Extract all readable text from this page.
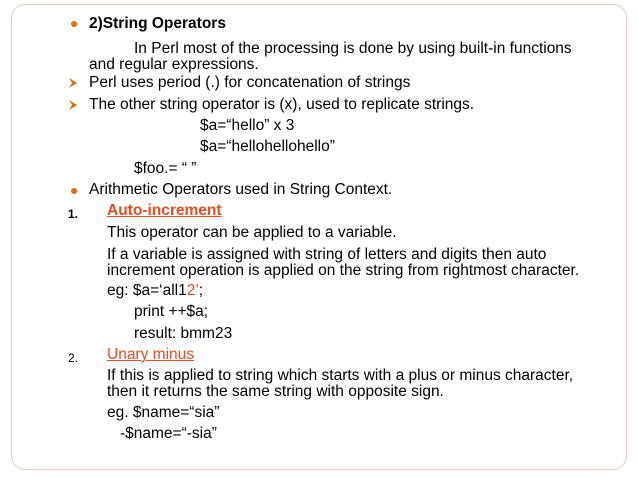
2)String Operators
In Perl most of the processing is done by using built-in functions
and regular expressions.
Perl uses period (.) for concatenation of strings
The other string operator is (x), used to replicate strings.
$a=“hello” x 3
$a=“hellohellohello”
$foo.= “ ”
Arithmetic Operators used in String Context.
1. Auto-increment
This operator can be applied to a variable.
If a variable is assigned with string of letters and digits then auto
increment operation is applied on the string from rightmost character.
eg: $a=‘all12’;
print ++$a;
result: bmm23
2. Unary minus
If this is applied to string which starts with a plus or minus character,
then it returns the same string with opposite sign.
eg. $name=“sia”
-$name=“-sia”
